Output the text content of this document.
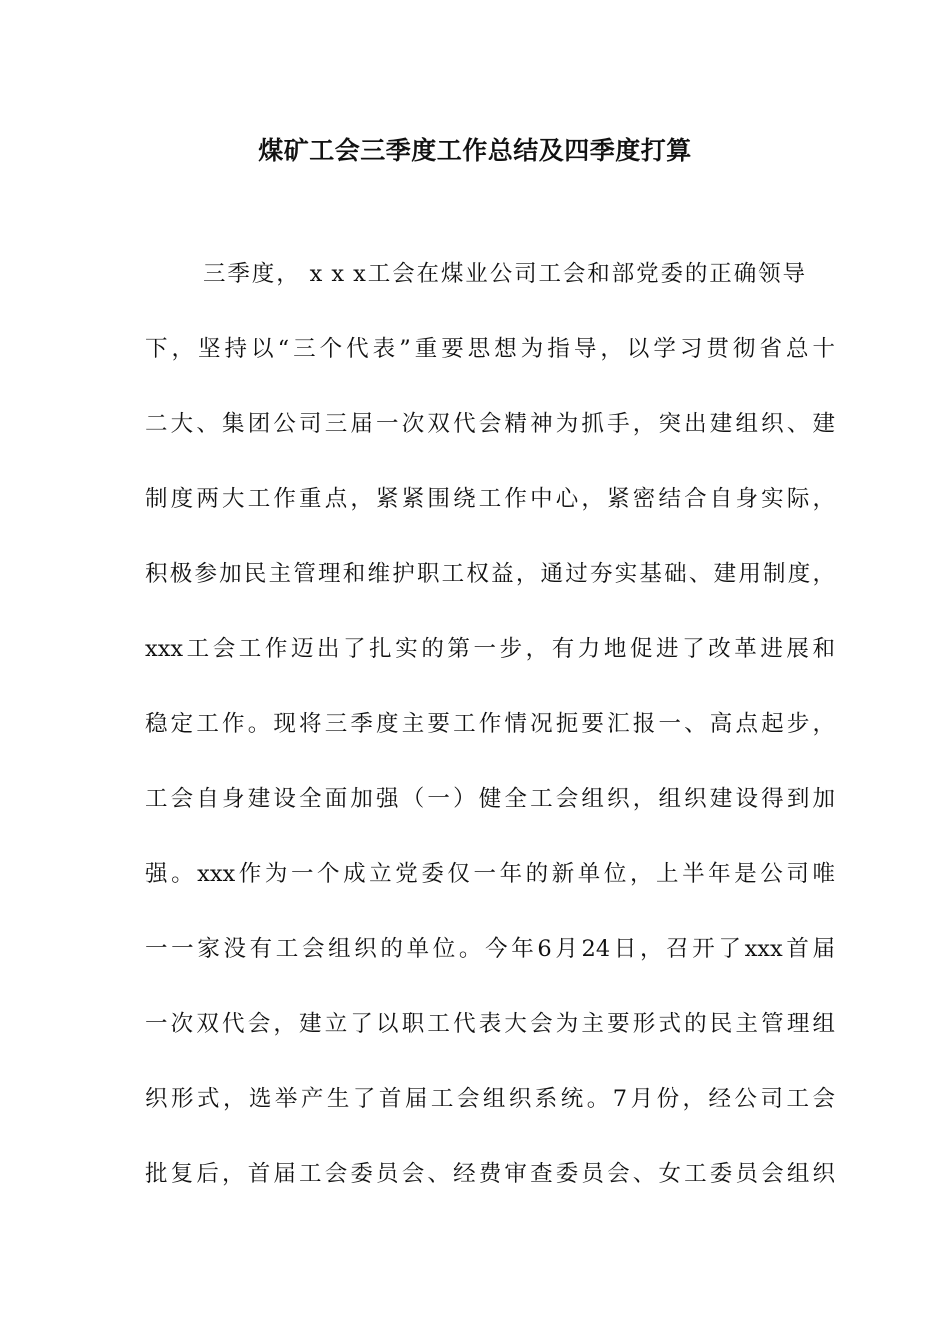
煤矿工会三季度工作总结及四季度打算
三季度， x x x工会在煤业公司工会和部党委的正确领导
下，坚持以“三个代表”重要思想为指导，以学习贯彻省总十
二大、集团公司三届一次双代会精神为抓手，突出建组织、建
制度两大工作重点，紧紧围绕工作中心，紧密结合自身实际，
积极参加民主管理和维护职工权益，通过夯实基础、建用制度，
xxx工会工作迈出了扎实的第一步，有力地促进了改革进展和
稳定工作。现将三季度主要工作情况扼要汇报一、高点起步，
工会自身建设全面加强（一）健全工会组织，组织建设得到加
强。xxx作为一个成立党委仅一年的新单位，上半年是公司唯
一一家没有工会组织的单位。今年6月24日，召开了xxx首届
一次双代会，建立了以职工代表大会为主要形式的民主管理组
织形式，选举产生了首届工会组织系统。7月份，经公司工会
批复后，首届工会委员会、经费审查委员会、女工委员会组织
